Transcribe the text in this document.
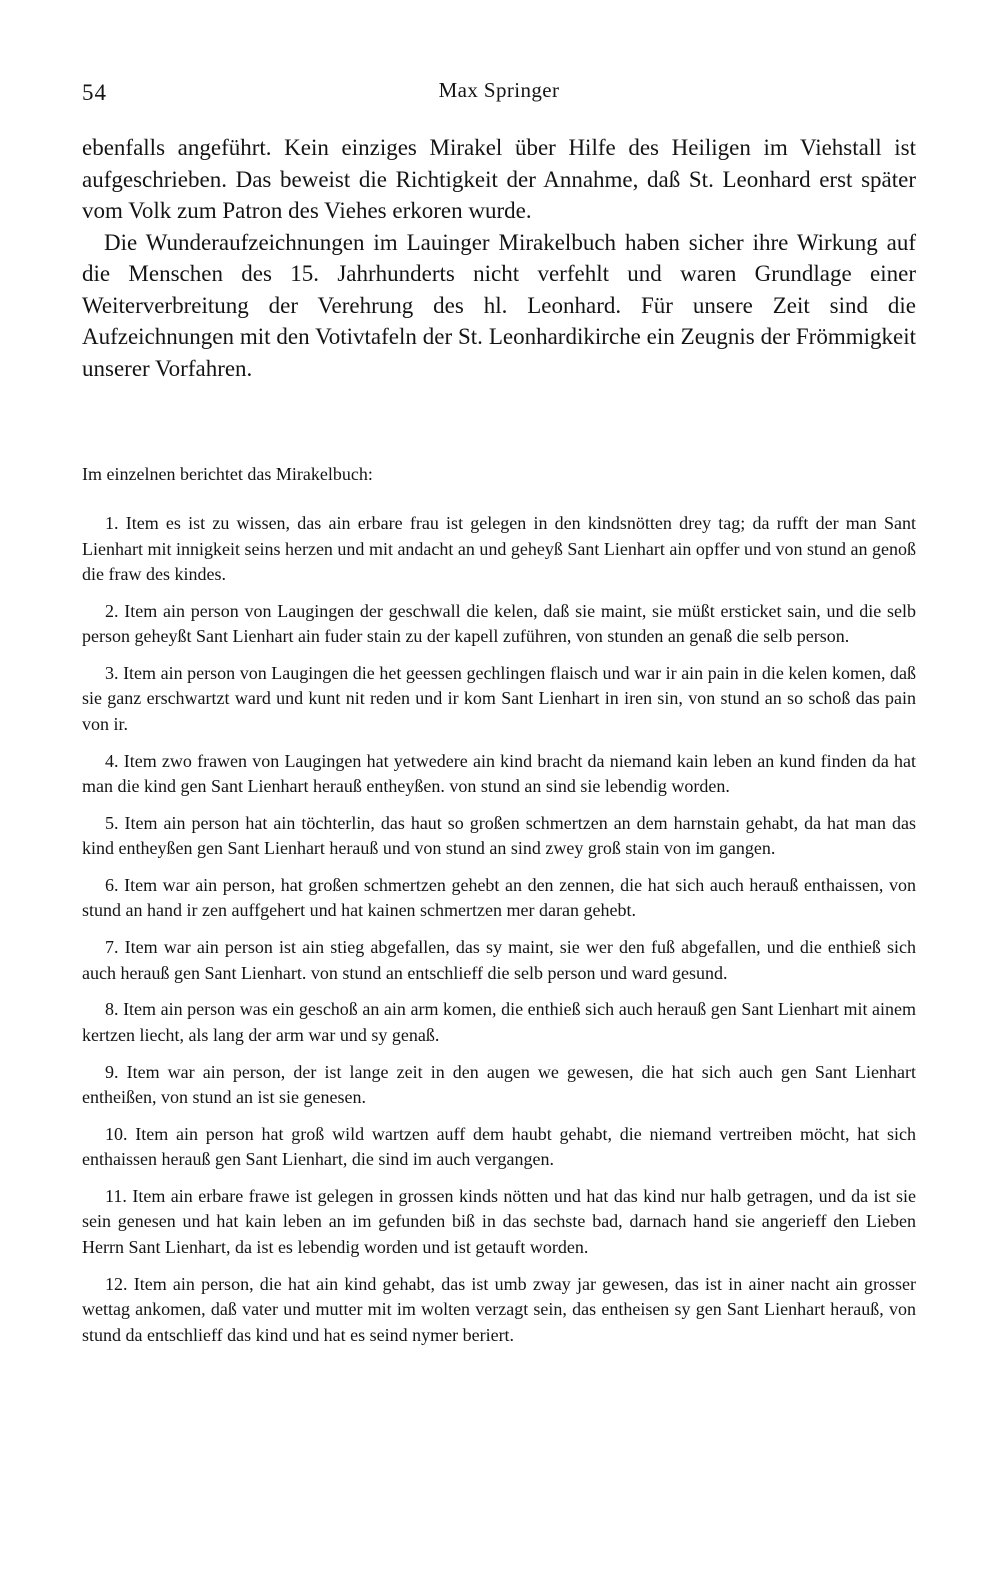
54	Max Springer

ebenfalls angeführt. Kein einziges Mirakel über Hilfe des Heiligen im Viehstall ist aufgeschrieben. Das beweist die Richtigkeit der Annahme, daß St. Leonhard erst später vom Volk zum Patron des Viehes erkoren wurde.

Die Wunderaufzeichnungen im Lauinger Mirakelbuch haben sicher ihre Wirkung auf die Menschen des 15. Jahrhunderts nicht verfehlt und waren Grundlage einer Weiterverbreitung der Verehrung des hl. Leonhard. Für unsere Zeit sind die Aufzeichnungen mit den Votivtafeln der St. Leonhardikirche ein Zeugnis der Frömmigkeit unserer Vorfahren.

Im einzelnen berichtet das Mirakelbuch:
1. Item es ist zu wissen, das ain erbare frau ist gelegen in den kindsnötten drey tag; da rufft der man Sant Lienhart mit innigkeit seins herzen und mit andacht an und geheyß Sant Lienhart ain opffer und von stund an genoß die fraw des kindes.
2. Item ain person von Laugingen der geschwall die kelen, daß sie maint, sie müßt ersticket sain, und die selb person geheyßt Sant Lienhart ain fuder stain zu der kapell zuführen, von stunden an genaß die selb person.
3. Item ain person von Laugingen die het geessen gechlingen flaisch und war ir ain pain in die kelen komen, daß sie ganz erschwartzt ward und kunt nit reden und ir kom Sant Lienhart in iren sin, von stund an so schoß das pain von ir.
4. Item zwo frawen von Laugingen hat yetwedere ain kind bracht da niemand kain leben an kund finden da hat man die kind gen Sant Lienhart herauß entheyßen. von stund an sind sie lebendig worden.
5. Item ain person hat ain töchterlin, das haut so großen schmertzen an dem harnstain gehabt, da hat man das kind entheyßen gen Sant Lienhart herauß und von stund an sind zwey groß stain von im gangen.
6. Item war ain person, hat großen schmertzen gehebt an den zennen, die hat sich auch herauß enthaissen, von stund an hand ir zen auffgehert und hat kainen schmertzen mer daran gehebt.
7. Item war ain person ist ain stieg abgefallen, das sy maint, sie wer den fuß abgefallen, und die enthieß sich auch herauß gen Sant Lienhart. von stund an entschlieff die selb person und ward gesund.
8. Item ain person was ein geschoß an ain arm komen, die enthieß sich auch herauß gen Sant Lienhart mit ainem kertzen liecht, als lang der arm war und sy genaß.
9. Item war ain person, der ist lange zeit in den augen we gewesen, die hat sich auch gen Sant Lienhart entheißen, von stund an ist sie genesen.
10. Item ain person hat groß wild wartzen auff dem haubt gehabt, die niemand vertreiben möcht, hat sich enthaissen herauß gen Sant Lienhart, die sind im auch vergangen.
11. Item ain erbare frawe ist gelegen in grossen kinds nötten und hat das kind nur halb getragen, und da ist sie sein genesen und hat kain leben an im gefunden biß in das sechste bad, darnach hand sie angerieff den Lieben Herrn Sant Lienhart, da ist es lebendig worden und ist getauft worden.
12. Item ain person, die hat ain kind gehabt, das ist umb zway jar gewesen, das ist in ainer nacht ain grosser wettag ankomen, daß vater und mutter mit im wolten verzagt sein, das entheisen sy gen Sant Lienhart herauß, von stund da entschlieff das kind und hat es seind nymer beriert.
